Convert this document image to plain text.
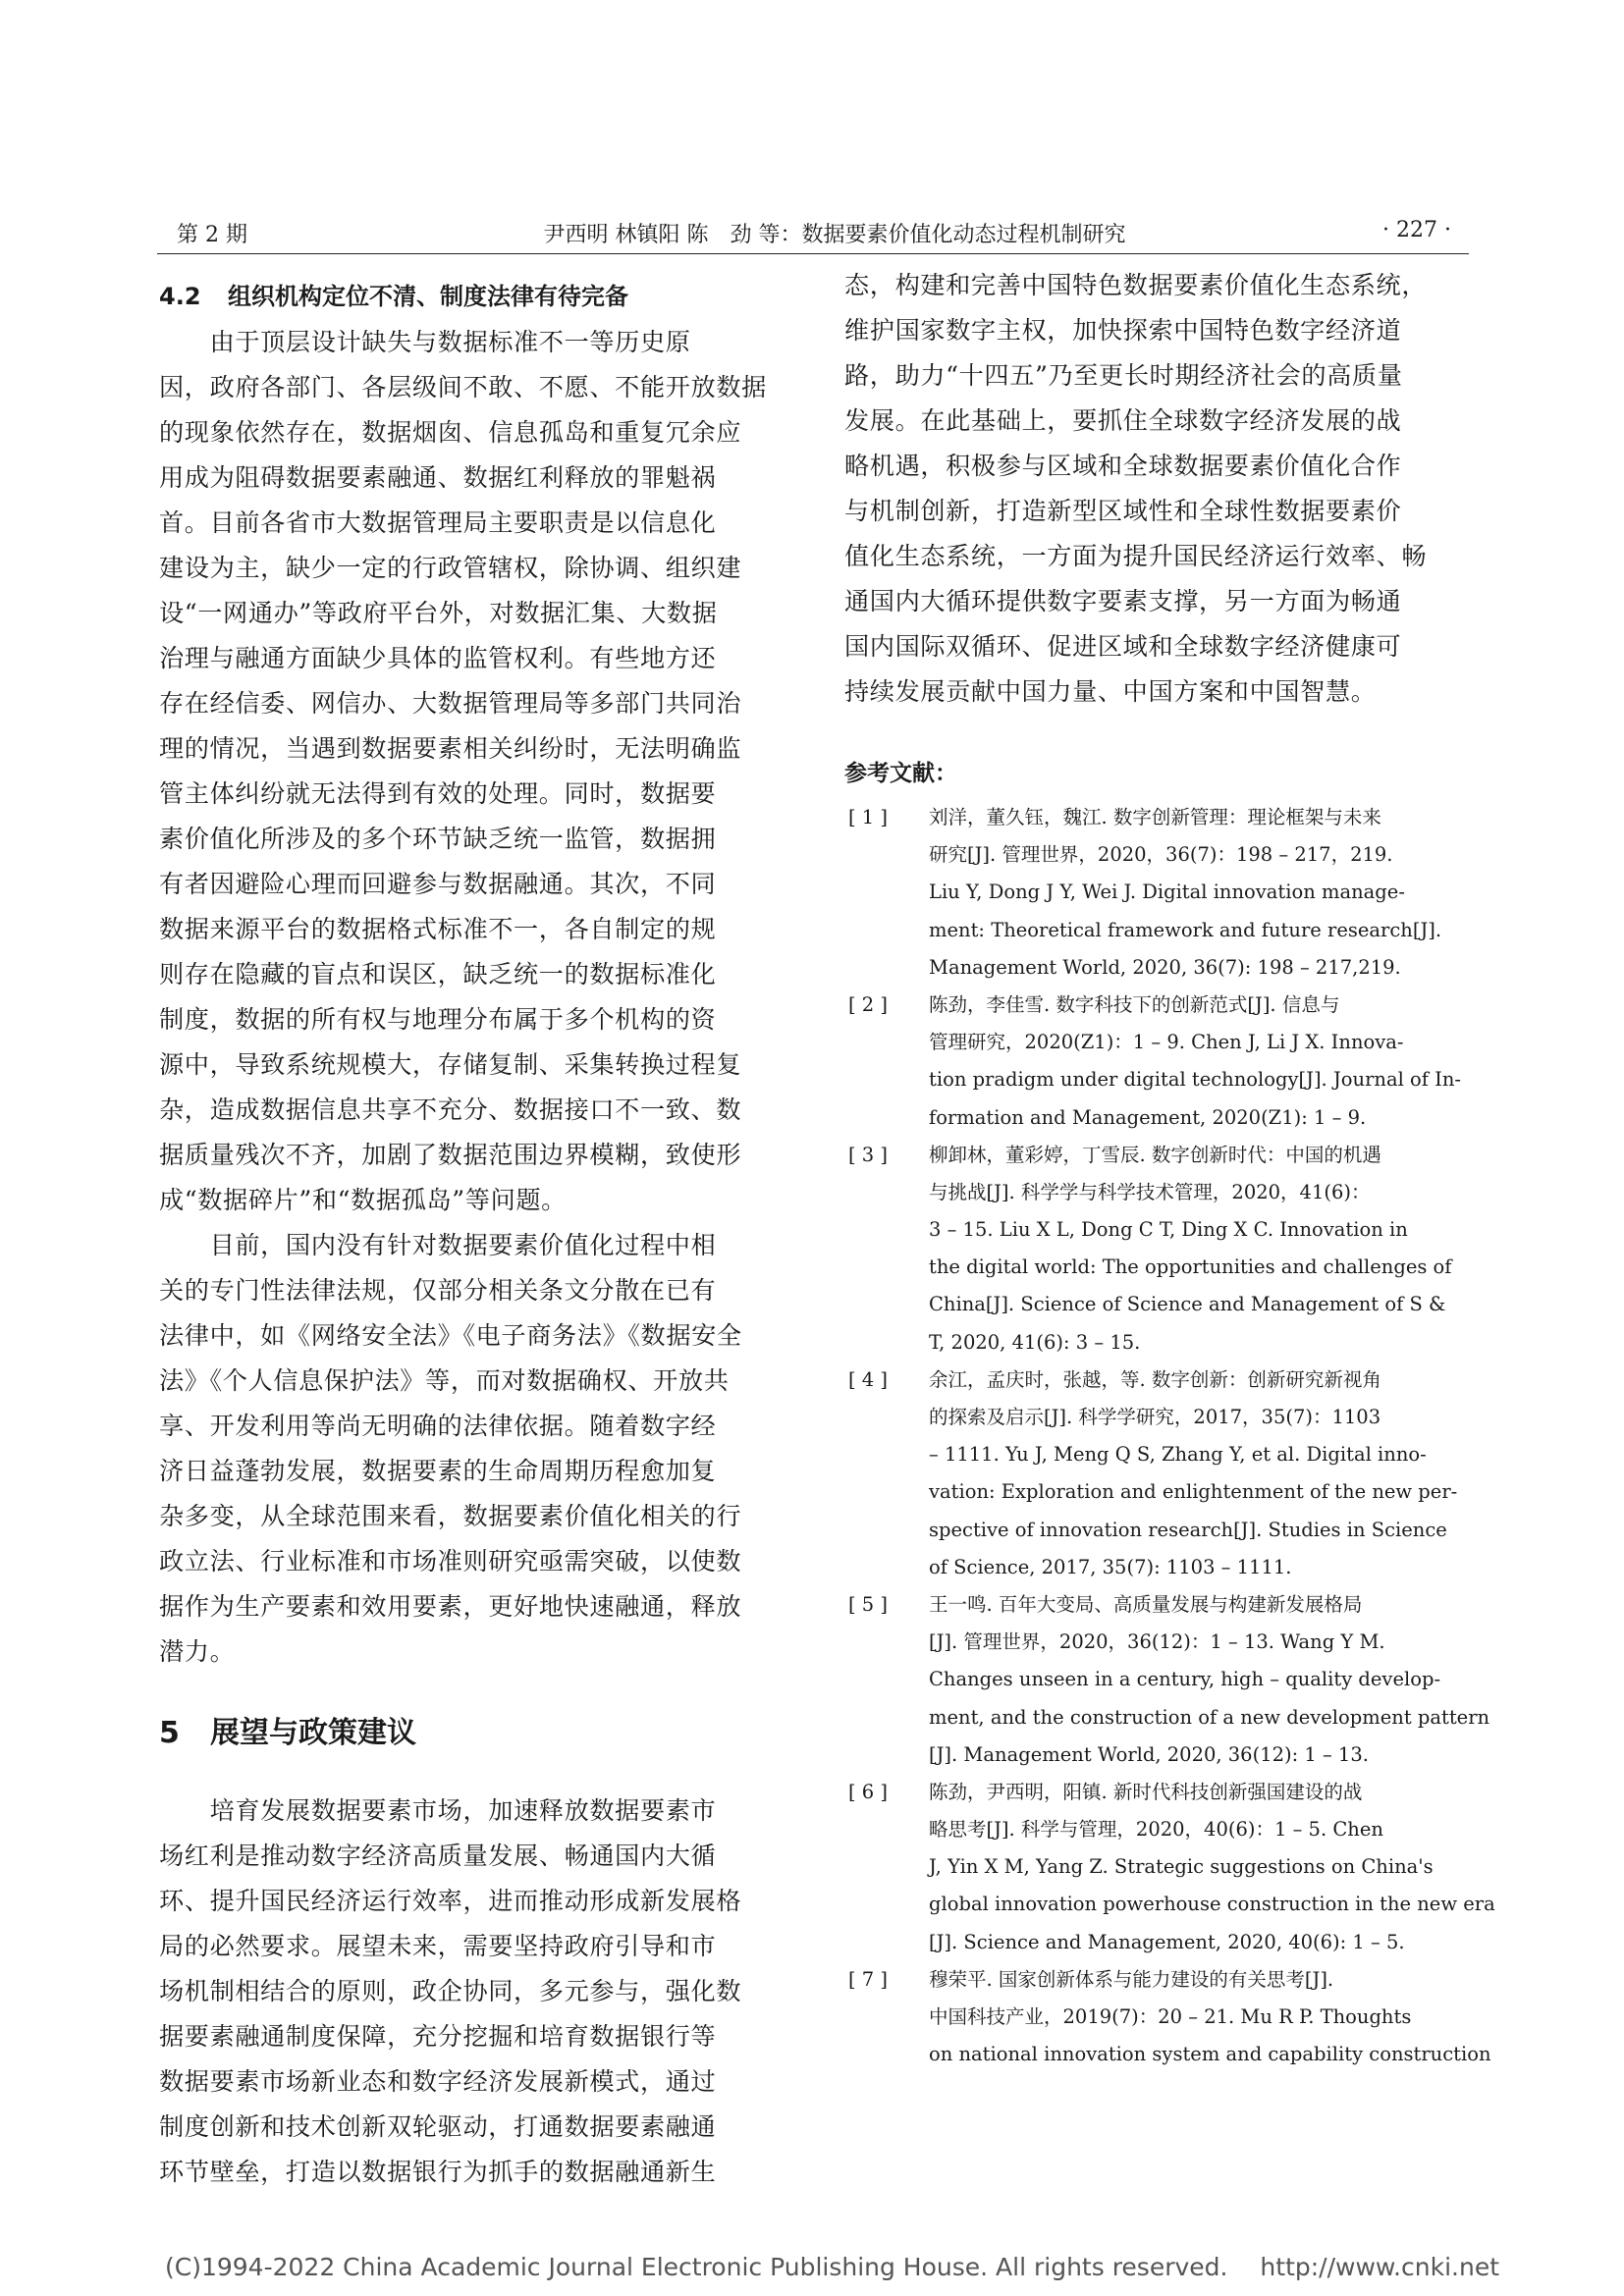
第 2 期	尹西明 林镇阳 陈　劲 等：数据要素价值化动态过程机制研究	· 227 ·
4.2 组织机构定位不清、制度法律有待完备
　　由于顶层设计缺失与数据标准不一等历史原
因，政府各部门、各层级间不敢、不愿、不能开放数据
的现象依然存在，数据烟囱、信息孤岛和重复冗余应
用成为阻碍数据要素融通、数据红利释放的罪魁祸
首。目前各省市大数据管理局主要职责是以信息化
建设为主，缺少一定的行政管辖权，除协调、组织建
设“一网通办”等政府平台外，对数据汇集、大数据
治理与融通方面缺少具体的监管权利。有些地方还
存在经信委、网信办、大数据管理局等多部门共同治
理的情况，当遇到数据要素相关纠纷时，无法明确监
管主体纠纷就无法得到有效的处理。同时，数据要
素价值化所涉及的多个环节缺乏统一监管，数据拥
有者因避险心理而回避参与数据融通。其次，不同
数据来源平台的数据格式标准不一，各自制定的规
则存在隐藏的盲点和误区，缺乏统一的数据标准化
制度，数据的所有权与地理分布属于多个机构的资
源中，导致系统规模大，存储复制、采集转换过程复
杂，造成数据信息共享不充分、数据接口不一致、数
据质量残次不齐，加剧了数据范围边界模糊，致使形
成“数据碎片”和“数据孤岛”等问题。
　　目前，国内没有针对数据要素价值化过程中相
关的专门性法律法规，仅部分相关条文分散在已有
法律中，如《网络安全法》《电子商务法》《数据安全
法》《个人信息保护法》等，而对数据确权、开放共
享、开发利用等尚无明确的法律依据。随着数字经
济日益蓬勃发展，数据要素的生命周期历程愈加复
杂多变，从全球范围来看，数据要素价值化相关的行
政立法、行业标准和市场准则研究亟需突破，以使数
据作为生产要素和效用要素，更好地快速融通，释放
潜力。
5 展望与政策建议
　　培育发展数据要素市场，加速释放数据要素市
场红利是推动数字经济高质量发展、畅通国内大循
环、提升国民经济运行效率，进而推动形成新发展格
局的必然要求。展望未来，需要坚持政府引导和市
场机制相结合的原则，政企协同，多元参与，强化数
据要素融通制度保障，充分挖掘和培育数据银行等
数据要素市场新业态和数字经济发展新模式，通过
制度创新和技术创新双轮驱动，打通数据要素融通
环节壁垒，打造以数据银行为抓手的数据融通新生
态，构建和完善中国特色数据要素价值化生态系统，
维护国家数字主权，加快探索中国特色数字经济道
路，助力“十四五”乃至更长时期经济社会的高质量
发展。在此基础上，要抓住全球数字经济发展的战
略机遇，积极参与区域和全球数据要素价值化合作
与机制创新，打造新型区域性和全球性数据要素价
值化生态系统，一方面为提升国民经济运行效率、畅
通国内大循环提供数字要素支撑，另一方面为畅通
国内国际双循环、促进区域和全球数字经济健康可
持续发展贡献中国力量、中国方案和中国智慧。
参考文献：
[ 1 ]	刘洋，董久钰，魏江. 数字创新管理：理论框架与未来
研究[J]. 管理世界，2020，36(7)：198 – 217，219.
Liu Y, Dong J Y, Wei J. Digital innovation manage-
ment: Theoretical framework and future research[J].
Management World, 2020, 36(7): 198 – 217,219.
[ 2 ]	陈劲，李佳雪. 数字科技下的创新范式[J]. 信息与
管理研究，2020(Z1)：1 – 9. Chen J, Li J X. Innova-
tion pradigm under digital technology[J]. Journal of In-
formation and Management, 2020(Z1): 1 – 9.
[ 3 ]	柳卸林，董彩婷，丁雪辰. 数字创新时代：中国的机遇
与挑战[J]. 科学学与科学技术管理，2020，41(6)：
3 – 15. Liu X L, Dong C T, Ding X C. Innovation in
the digital world: The opportunities and challenges of
China[J]. Science of Science and Management of S &
T, 2020, 41(6): 3 – 15.
[ 4 ]	余江，孟庆时，张越，等. 数字创新：创新研究新视角
的探索及启示[J]. 科学学研究，2017，35(7)：1103
– 1111. Yu J, Meng Q S, Zhang Y, et al. Digital inno-
vation: Exploration and enlightenment of the new per-
spective of innovation research[J]. Studies in Science
of Science, 2017, 35(7): 1103 – 1111.
[ 5 ]	王一鸣. 百年大变局、高质量发展与构建新发展格局
[J]. 管理世界，2020，36(12)：1 – 13. Wang Y M.
Changes unseen in a century, high – quality develop-
ment, and the construction of a new development pattern
[J]. Management World, 2020, 36(12): 1 – 13.
[ 6 ]	陈劲，尹西明，阳镇. 新时代科技创新强国建设的战
略思考[J]. 科学与管理，2020，40(6)：1 – 5. Chen
J, Yin X M, Yang Z. Strategic suggestions on China's
global innovation powerhouse construction in the new era
[J]. Science and Management, 2020, 40(6): 1 – 5.
[ 7 ]	穆荣平. 国家创新体系与能力建设的有关思考[J].
中国科技产业，2019(7)：20 – 21. Mu R P. Thoughts
on national innovation system and capability construction
(C)1994-2022 China Academic Journal Electronic Publishing House. All rights reserved.　 http://www.cnki.net
